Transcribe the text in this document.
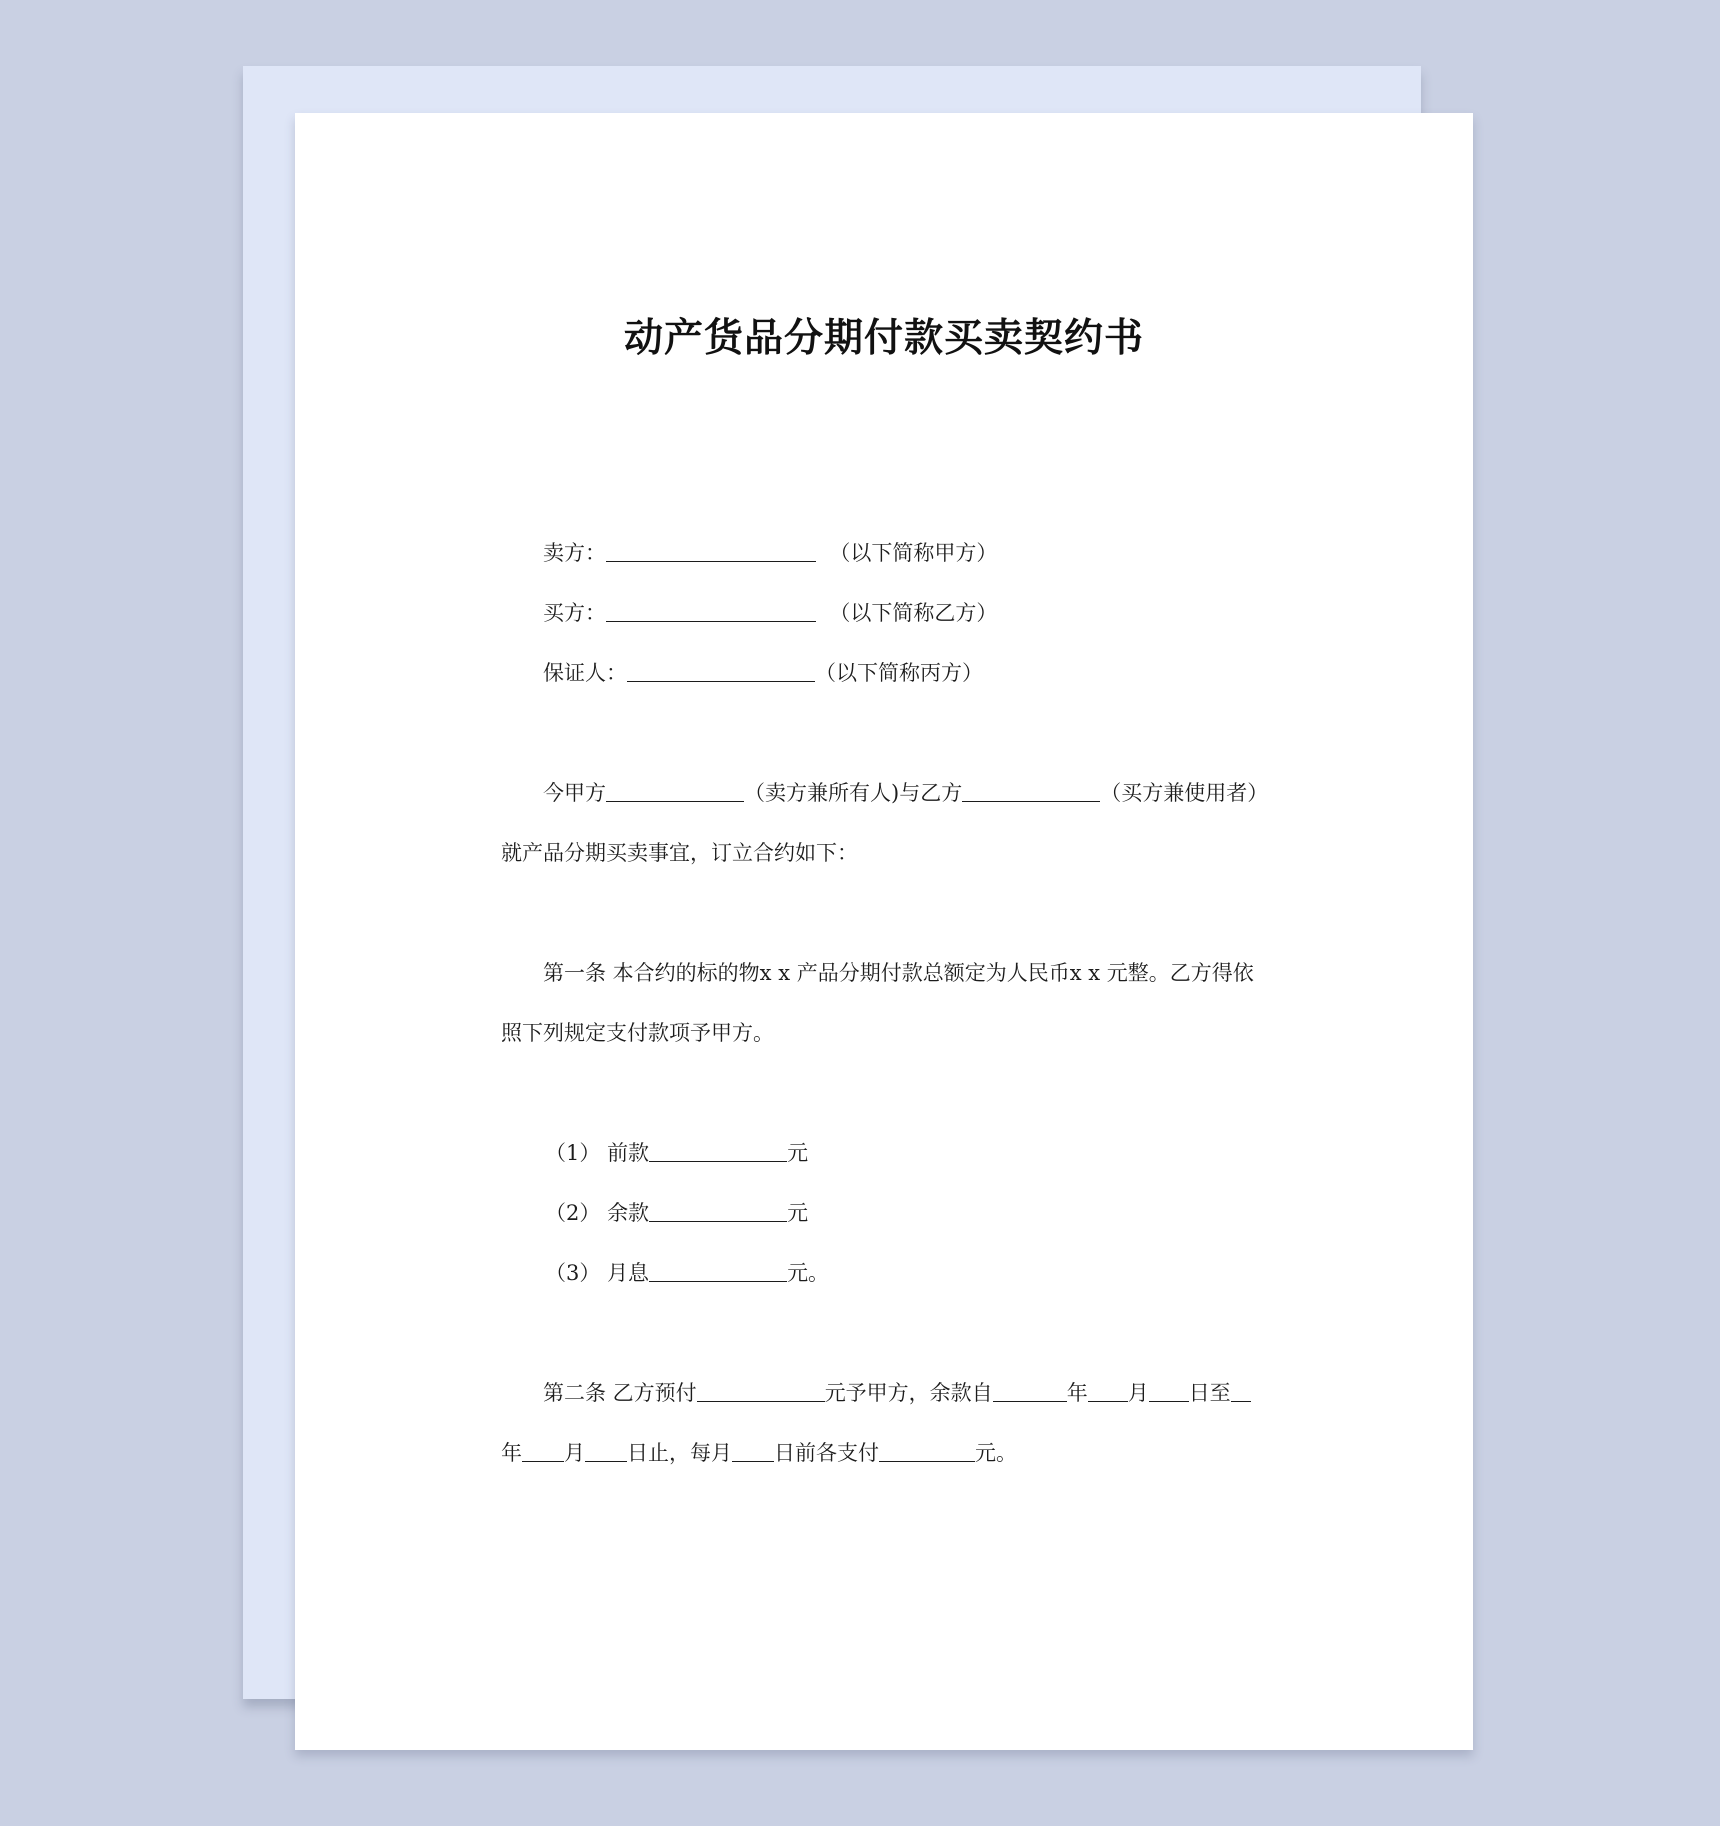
动产货品分期付款买卖契约书
卖方：	（以下简称甲方）
买方：	（以下简称乙方）
保证人：	（以下简称丙方）
今甲方	（卖方兼所有人)与乙方	（买方兼使用者）
就产品分期买卖事宜，订立合约如下：
第一条 本合约的标的物x x 产品分期付款总额定为人民币x x 元整。乙方得依
照下列规定支付款项予甲方。
（1） 前款	元
（2） 余款	元
（3） 月息	元。
第二条 乙方预付	元予甲方，余款自	年 月 日至
年 月 日止，每月 日前各支付	元。
